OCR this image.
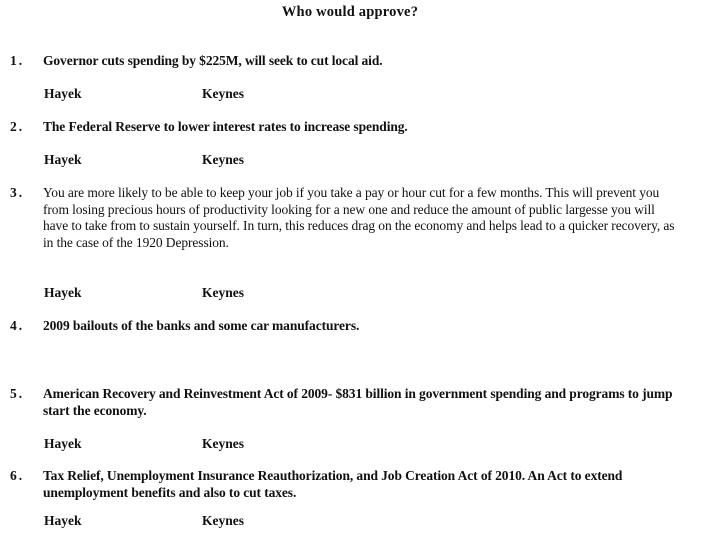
Who would approve?
1. Governor cuts spending by $225M, will seek to cut local aid.
Hayek	Keynes
2. The Federal Reserve to lower interest rates to increase spending.
Hayek	Keynes
3. You are more likely to be able to keep your job if you take a pay or hour cut for a few months. This will prevent you from losing precious hours of productivity looking for a new one and reduce the amount of public largesse you will have to take from to sustain yourself. In turn, this reduces drag on the economy and helps lead to a quicker recovery, as in the case of the 1920 Depression.
Hayek	Keynes
4. 2009 bailouts of the banks and some car manufacturers.
5. American Recovery and Reinvestment Act of 2009- $831 billion in government spending and programs to jump start the economy.
Hayek	Keynes
6. Tax Relief, Unemployment Insurance Reauthorization, and Job Creation Act of 2010. An Act to extend unemployment benefits and also to cut taxes.
Hayek	Keynes
